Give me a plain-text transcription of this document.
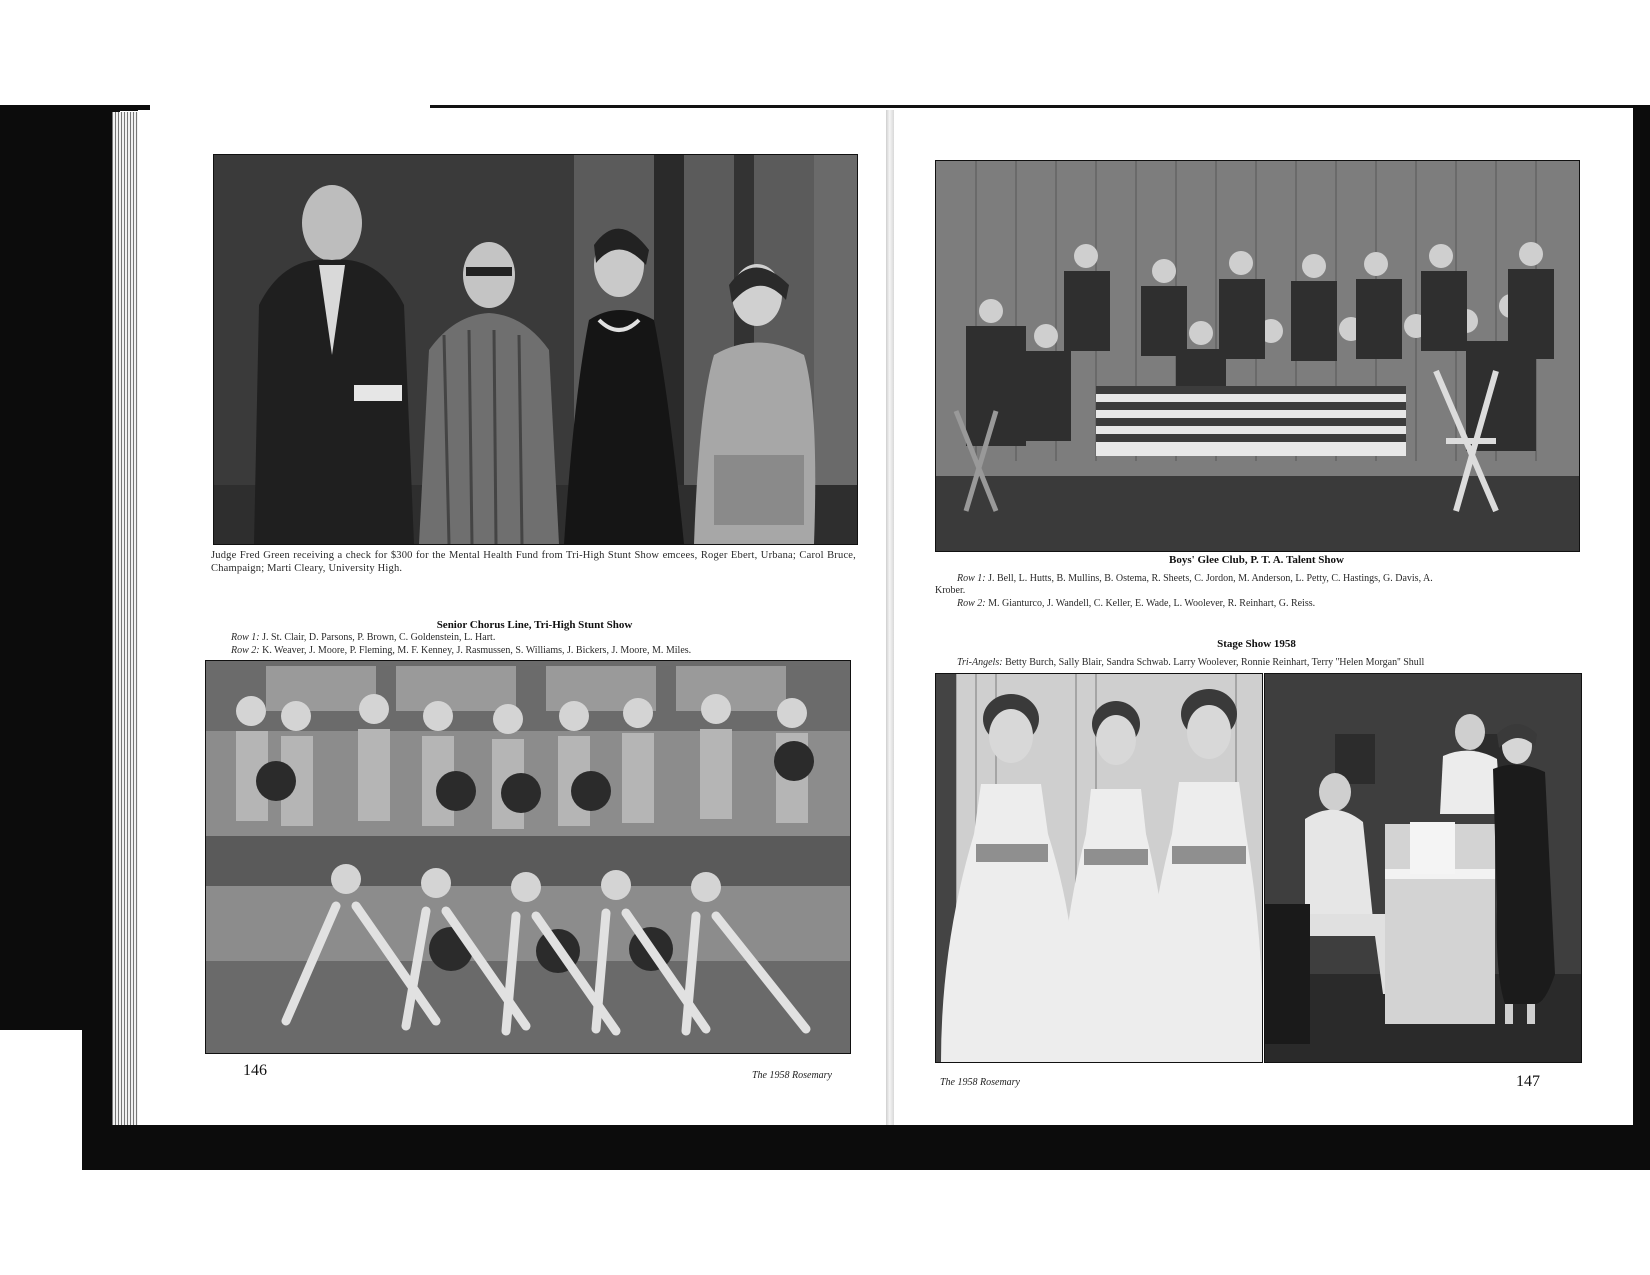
Judge Fred Green receiving a check for $300 for the Mental Health Fund from Tri-High Stunt Show emcees, Roger Ebert, Urbana; Carol Bruce, Champaign; Marti Cleary, University High.
Senior Chorus Line, Tri-High Stunt Show
Row 1: J. St. Clair, D. Parsons, P. Brown, C. Goldenstein, L. Hart.
Row 2: K. Weaver, J. Moore, P. Fleming, M. F. Kenney, J. Rasmussen, S. Williams, J. Bickers, J. Moore, M. Miles.
146	The 1958 Rosemary
Boys' Glee Club, P. T. A. Talent Show
Row 1: J. Bell, L. Hutts, B. Mullins, B. Ostema, R. Sheets, C. Jordon, M. Anderson, L. Petty, C. Hastings, G. Davis, A.
Krober.
Row 2: M. Gianturco, J. Wandell, C. Keller, E. Wade, L. Woolever, R. Reinhart, G. Reiss.
Stage Show 1958
Tri-Angels: Betty Burch, Sally Blair, Sandra Schwab. Larry Woolever, Ronnie Reinhart, Terry ''Helen Morgan'' Shull
The 1958 Rosemary	147
